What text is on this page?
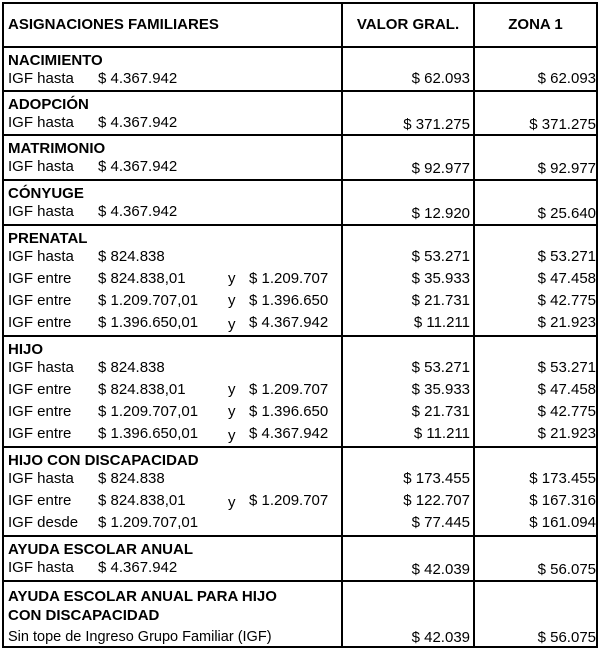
ASIGNACIONES FAMILIARES	VALOR GRAL.	ZONA 1
NACIMIENTO
IGF hasta $ 4.367.942	$ 62.093	$ 62.093
ADOPCIÓN
IGF hasta $ 4.367.942	$ 371.275	$ 371.275
MATRIMONIO
IGF hasta $ 4.367.942	$ 92.977	$ 92.977
CÓNYUGE
IGF hasta $ 4.367.942	$ 12.920	$ 25.640
PRENATAL
IGF hasta $ 824.838	$ 53.271	$ 53.271
IGF entre $ 824.838,01	y $ 1.209.707	$ 35.933	$ 47.458
IGF entre $ 1.209.707,01 y $ 1.396.650	$ 21.731	$ 42.775
IGF entre $ 1.396.650,01 y $ 4.367.942	$ 11.211	$ 21.923
HIJO
IGF hasta $ 824.838	$ 53.271	$ 53.271
IGF entre $ 824.838,01	y $ 1.209.707	$ 35.933	$ 47.458
IGF entre $ 1.209.707,01 y $ 1.396.650	$ 21.731	$ 42.775
IGF entre $ 1.396.650,01 y $ 4.367.942	$ 11.211	$ 21.923
HIJO CON DISCAPACIDAD
IGF hasta $ 824.838	$ 173.455	$ 173.455
IGF entre $ 824.838,01	y $ 1.209.707	$ 122.707	$ 167.316
IGF desde $ 1.209.707,01	$ 77.445	$ 161.094
AYUDA ESCOLAR ANUAL
IGF hasta $ 4.367.942	$ 42.039	$ 56.075
AYUDA ESCOLAR ANUAL PARA HIJO
CON DISCAPACIDAD
Sin tope de Ingreso Grupo Familiar (IGF)	$ 42.039	$ 56.075
